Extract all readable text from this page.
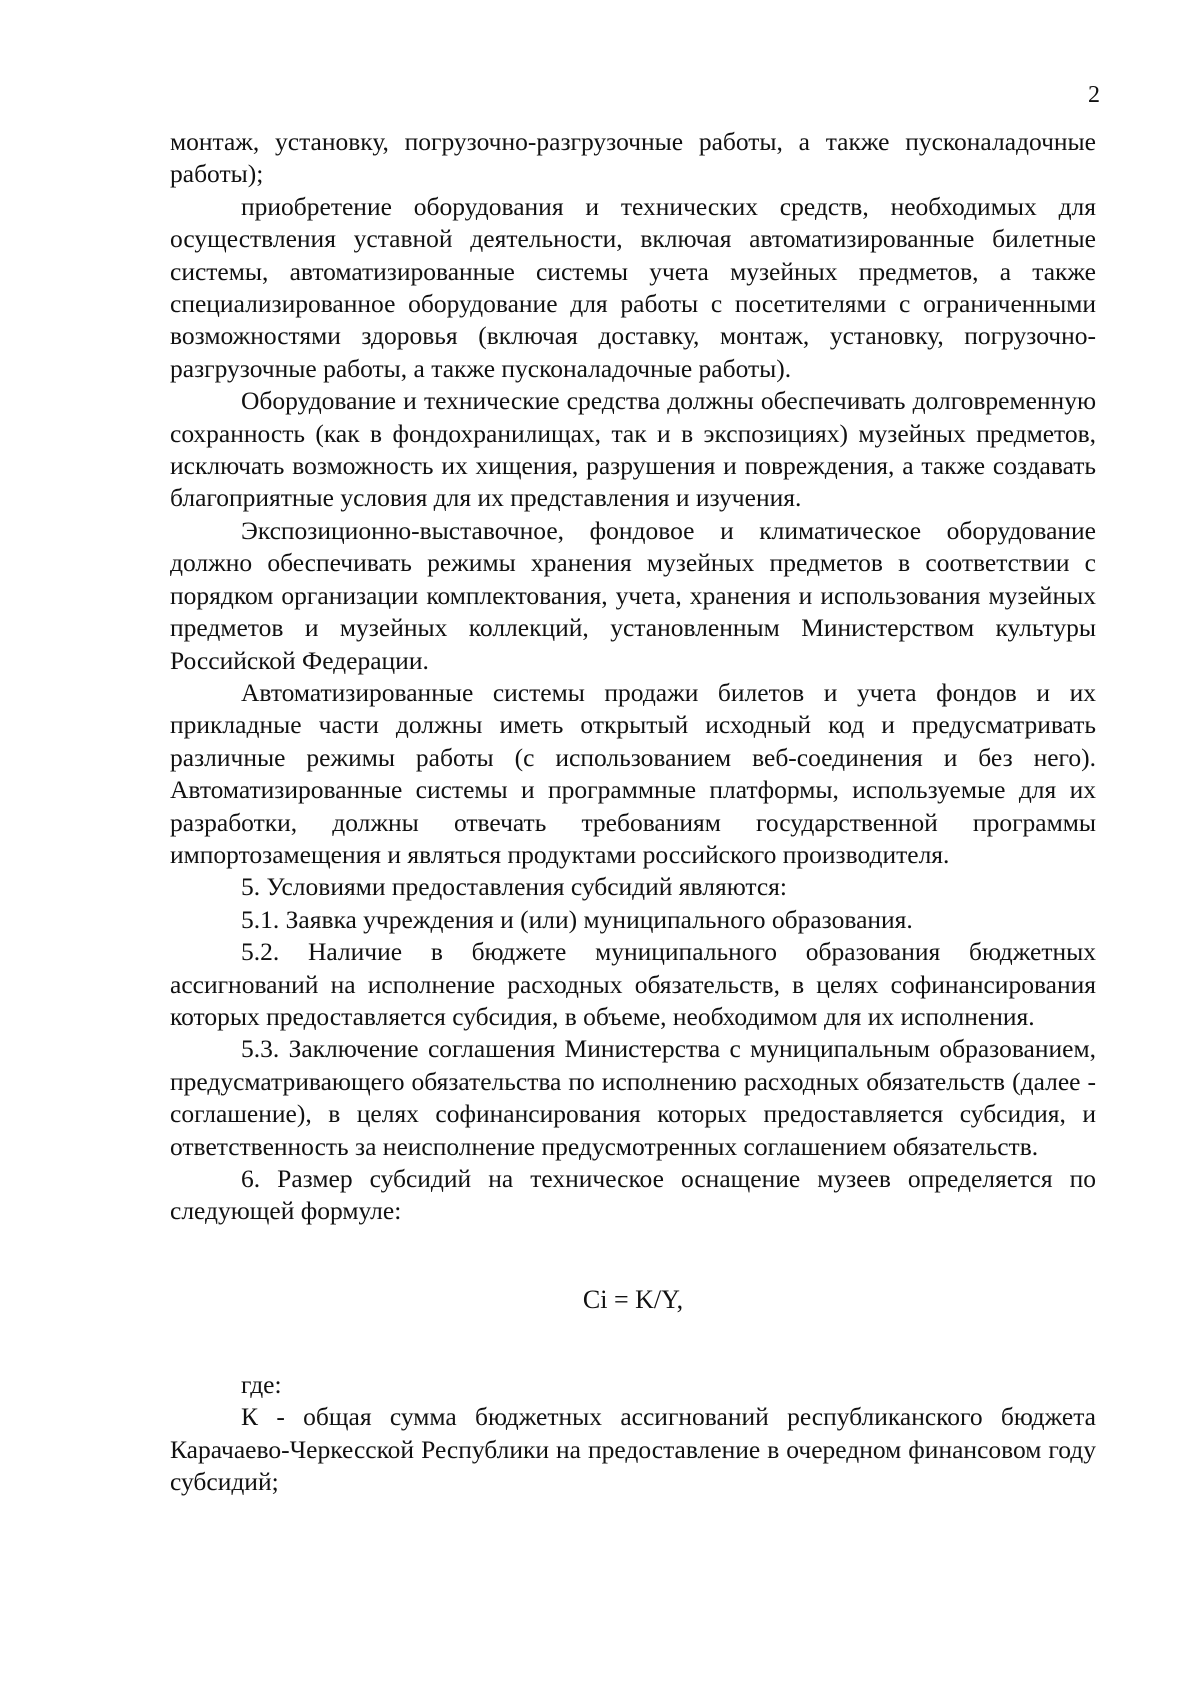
2

монтаж, установку, погрузочно-разгрузочные работы, а также пусконаладочные работы);

приобретение оборудования и технических средств, необходимых для осуществления уставной деятельности, включая автоматизированные билетные системы, автоматизированные системы учета музейных предметов, а также специализированное оборудование для работы с посетителями с ограниченными возможностями здоровья (включая доставку, монтаж, установку, погрузочно-разгрузочные работы, а также пусконаладочные работы).

Оборудование и технические средства должны обеспечивать долговременную сохранность (как в фондохранилищах, так и в экспозициях) музейных предметов, исключать возможность их хищения, разрушения и повреждения, а также создавать благоприятные условия для их представления и изучения.

Экспозиционно-выставочное, фондовое и климатическое оборудование должно обеспечивать режимы хранения музейных предметов в соответствии с порядком организации комплектования, учета, хранения и использования музейных предметов и музейных коллекций, установленным Министерством культуры Российской Федерации.

Автоматизированные системы продажи билетов и учета фондов и их прикладные части должны иметь открытый исходный код и предусматривать различные режимы работы (с использованием веб-соединения и без него). Автоматизированные системы и программные платформы, используемые для их разработки, должны отвечать требованиям государственной программы импортозамещения и являться продуктами российского производителя.

5. Условиями предоставления субсидий являются:

5.1. Заявка учреждения и (или) муниципального образования.

5.2. Наличие в бюджете муниципального образования бюджетных ассигнований на исполнение расходных обязательств, в целях софинансирования которых предоставляется субсидия, в объеме, необходимом для их исполнения.

5.3. Заключение соглашения Министерства с муниципальным образованием, предусматривающего обязательства по исполнению расходных обязательств (далее - соглашение), в целях софинансирования которых предоставляется субсидия, и ответственность за неисполнение предусмотренных соглашением обязательств.

6. Размер субсидий на техническое оснащение музеев определяется по следующей формуле:

Ci = K/Y,

где:

К - общая сумма бюджетных ассигнований республиканского бюджета Карачаево-Черкесской Республики на предоставление в очередном финансовом году субсидий;
